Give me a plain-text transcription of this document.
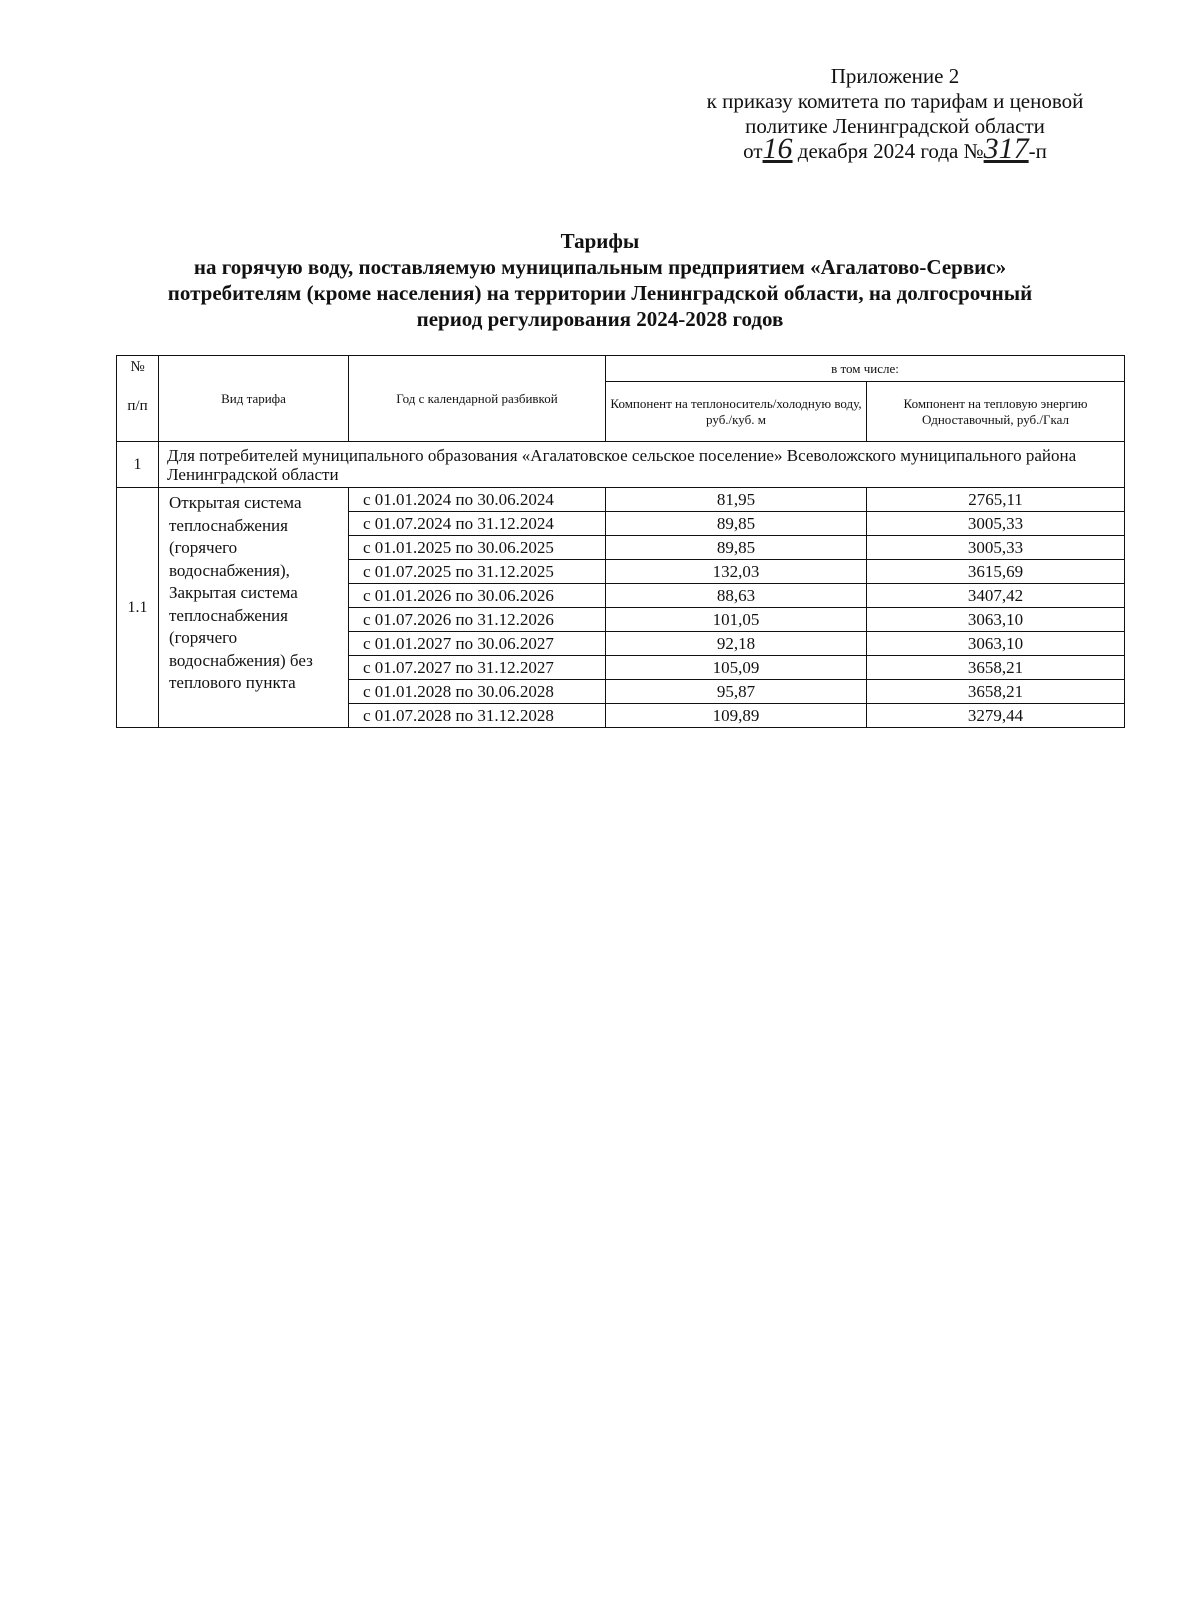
Приложение 2
к приказу комитета по тарифам и ценовой
политике Ленинградской области
от16 декабря 2024 года №317-п
Тарифы
на горячую воду, поставляемую муниципальным предприятием «Агалатово-Сервис»
потребителям (кроме населения) на территории Ленинградской области, на долгосрочный
период регулирования 2024-2028 годов
№
п/п	Вид тарифа	Год с календарной разбивкой	в том числе:	
			Компонент на теплоноситель/холодную воду, руб./куб. м	Компонент на тепловую энергию Одноставочный, руб./Гкал
1	Для потребителей муниципального образования «Агалатовское сельское поселение» Всеволожского муниципального района Ленинградской области			
1.1	Открытая система теплоснабжения (горячего водоснабжения), Закрытая система теплоснабжения (горячего водоснабжения) без теплового пункта	с 01.01.2024 по 30.06.2024	81,95	2765,11
		с 01.07.2024 по 31.12.2024	89,85	3005,33
		с 01.01.2025 по 30.06.2025	89,85	3005,33
		с 01.07.2025 по 31.12.2025	132,03	3615,69
		с 01.01.2026 по 30.06.2026	88,63	3407,42
		с 01.07.2026 по 31.12.2026	101,05	3063,10
		с 01.01.2027 по 30.06.2027	92,18	3063,10
		с 01.07.2027 по 31.12.2027	105,09	3658,21
		с 01.01.2028 по 30.06.2028	95,87	3658,21
		с 01.07.2028 по 31.12.2028	109,89	3279,44
